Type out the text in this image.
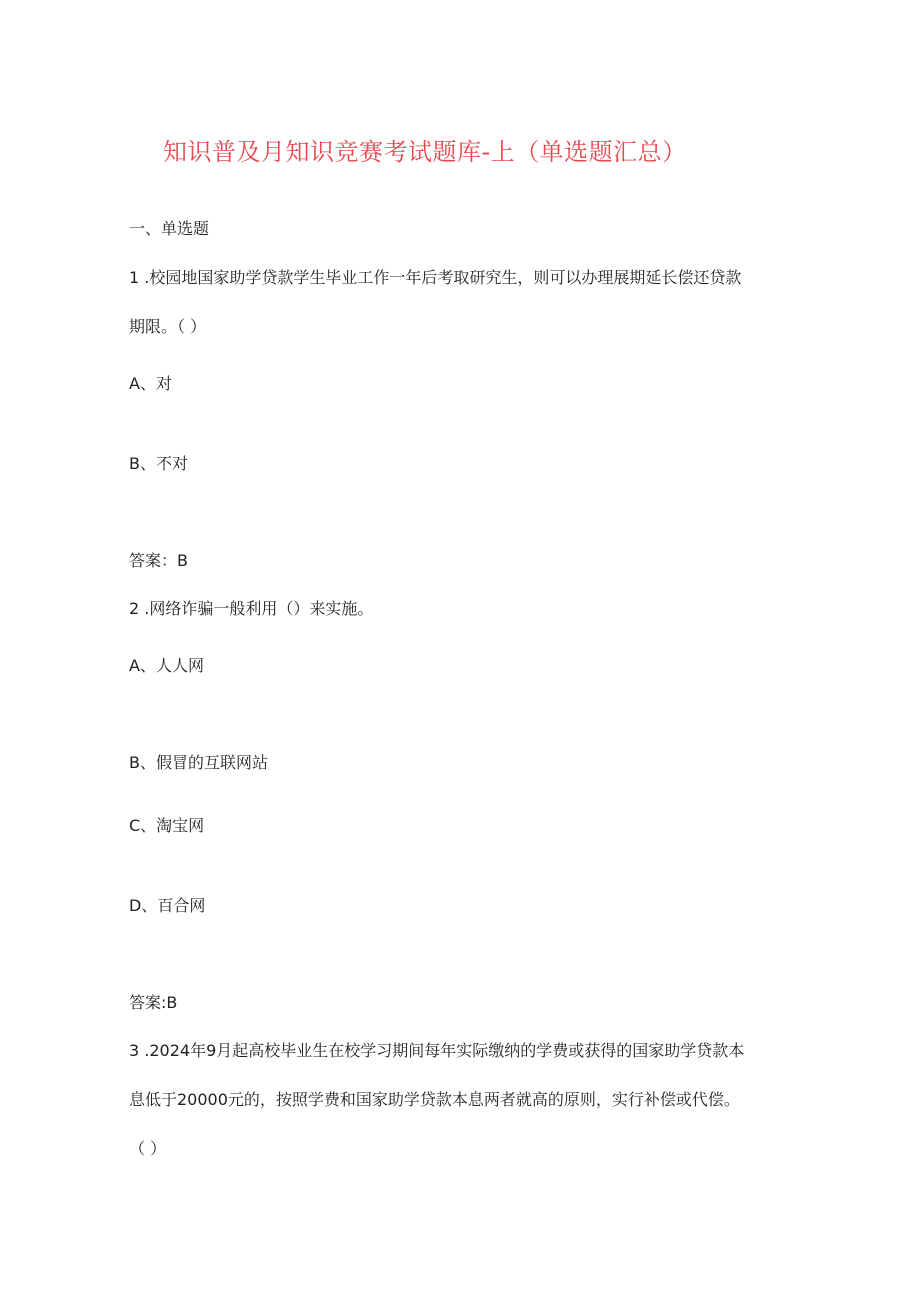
知识普及月知识竞赛考试题库-上（单选题汇总）
一、单选题
1 .校园地国家助学贷款学生毕业工作一年后考取研究生，则可以办理展期延长偿还贷款
期限。（ ）
A、对
B、不对
答案：B
2 .网络诈骗一般利用（）来实施。
A、人人网
B、假冒的互联网站
C、淘宝网
D、百合网
答案:B
3 .2024年9月起高校毕业生在校学习期间每年实际缴纳的学费或获得的国家助学贷款本
息低于20000元的，按照学费和国家助学贷款本息两者就高的原则，实行补偿或代偿。
（ ）
